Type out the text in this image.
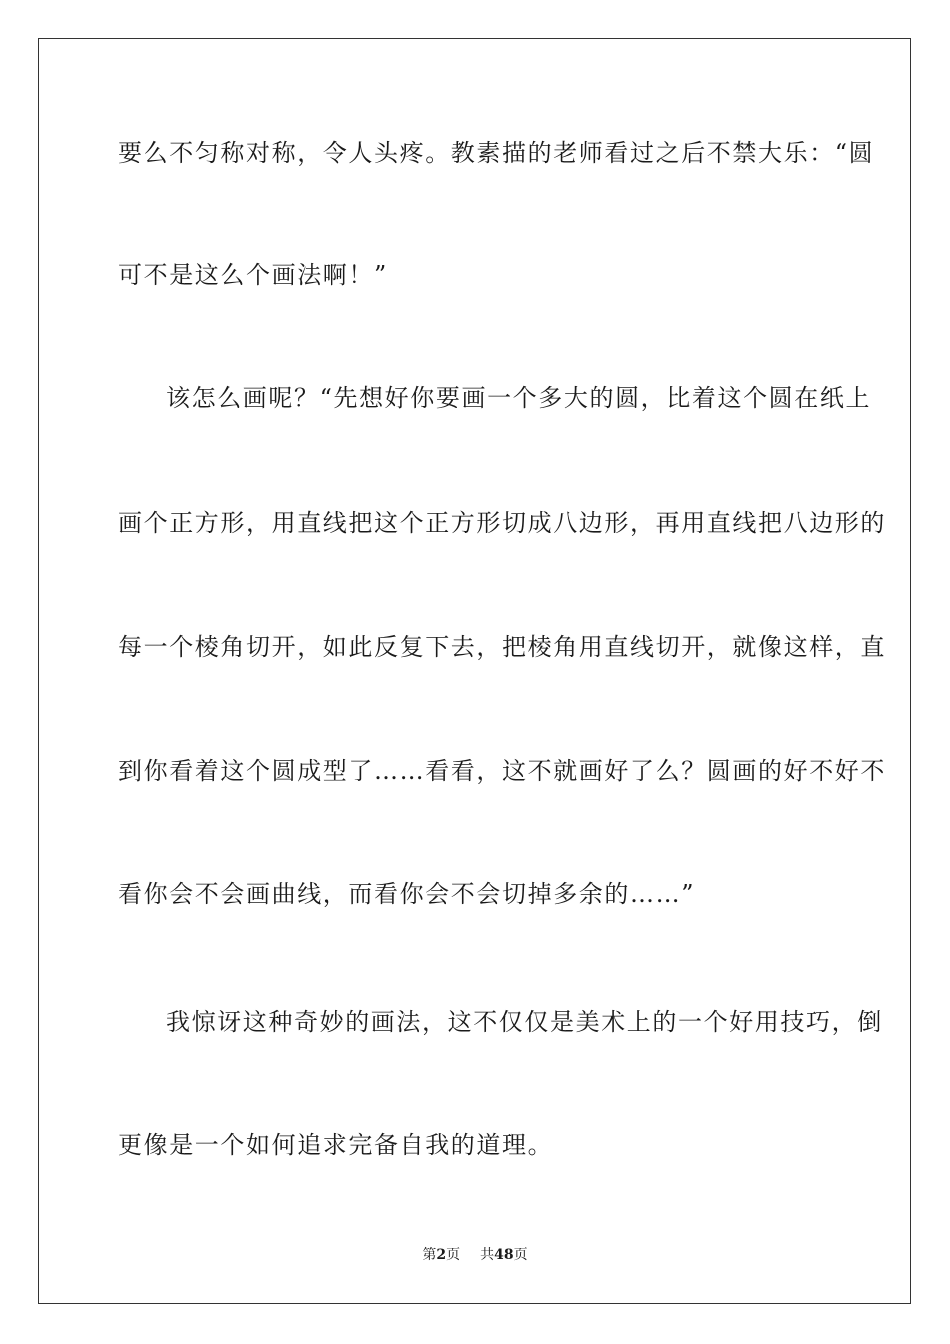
要么不匀称对称，令人头疼。教素描的老师看过之后不禁大乐：“圆
可不是这么个画法啊！”
该怎么画呢？“先想好你要画一个多大的圆，比着这个圆在纸上
画个正方形，用直线把这个正方形切成八边形，再用直线把八边形的
每一个棱角切开，如此反复下去，把棱角用直线切开，就像这样，直
到你看着这个圆成型了……看看，这不就画好了么？圆画的好不好不
看你会不会画曲线，而看你会不会切掉多余的……”
我惊讶这种奇妙的画法，这不仅仅是美术上的一个好用技巧，倒
更像是一个如何追求完备自我的道理。
第2页 共48页
